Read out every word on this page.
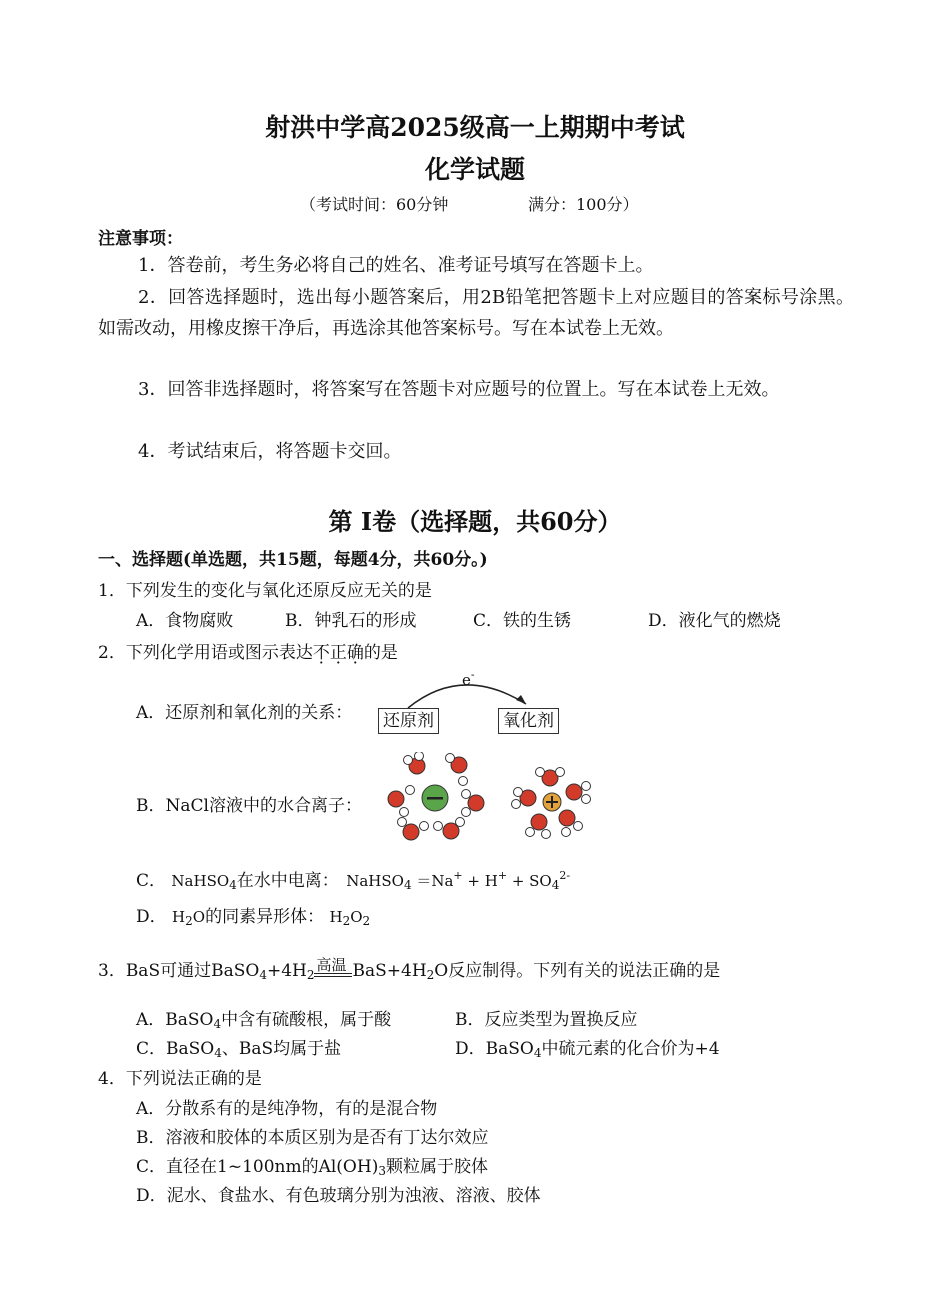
射洪中学高2025级高一上期期中考试
化学试题
（考试时间：60分钟	满分：100分）
注意事项：
1．答卷前，考生务必将自己的姓名、准考证号填写在答题卡上。
2．回答选择题时，选出每小题答案后，用2B铅笔把答题卡上对应题目的答案标号涂黑。如需改动，用橡皮擦干净后，再选涂其他答案标号。写在本试卷上无效。
3．回答非选择题时，将答案写在答题卡对应题号的位置上。写在本试卷上无效。
4．考试结束后，将答题卡交回。
第 Ⅰ卷（选择题，共60分）
一、选择题(单选题，共15题，每题4分，共60分。)
1．下列发生的变化与氧化还原反应无关的是
A．食物腐败	B．钟乳石的形成	C．铁的生锈	D．液化气的燃烧
2．下列化学用语或图示表达不正确的是
A．还原剂和氧化剂的关系：
e-
还原剂	氧化剂
B．NaCl溶液中的水合离子：
C． NaHSO$_4$在水中电离： NaHSO$_4$ $=Na^+ + H^+ + SO_4^{2-}$
D． $H_2O$的同素异形体： $H_2O_2$
3．BaS可通过$BaSO_4+4H_2$
高温 $BaS+4H_2O$反应制得。下列有关的说法正确的是
A．BaSO$_4$中含有硫酸根，属于酸	B．反应类型为置换反应
C．BaSO$_4$、BaS均属于盐	D．BaSO$_4$中硫元素的化合价为+4
4．下列说法正确的是
A．分散系有的是纯净物，有的是混合物
B．溶液和胶体的本质区别为是否有丁达尔效应
C．直径在1~100nm的$Al(OH)_3$颗粒属于胶体
D．泥水、食盐水、有色玻璃分别为浊液、溶液、胶体
